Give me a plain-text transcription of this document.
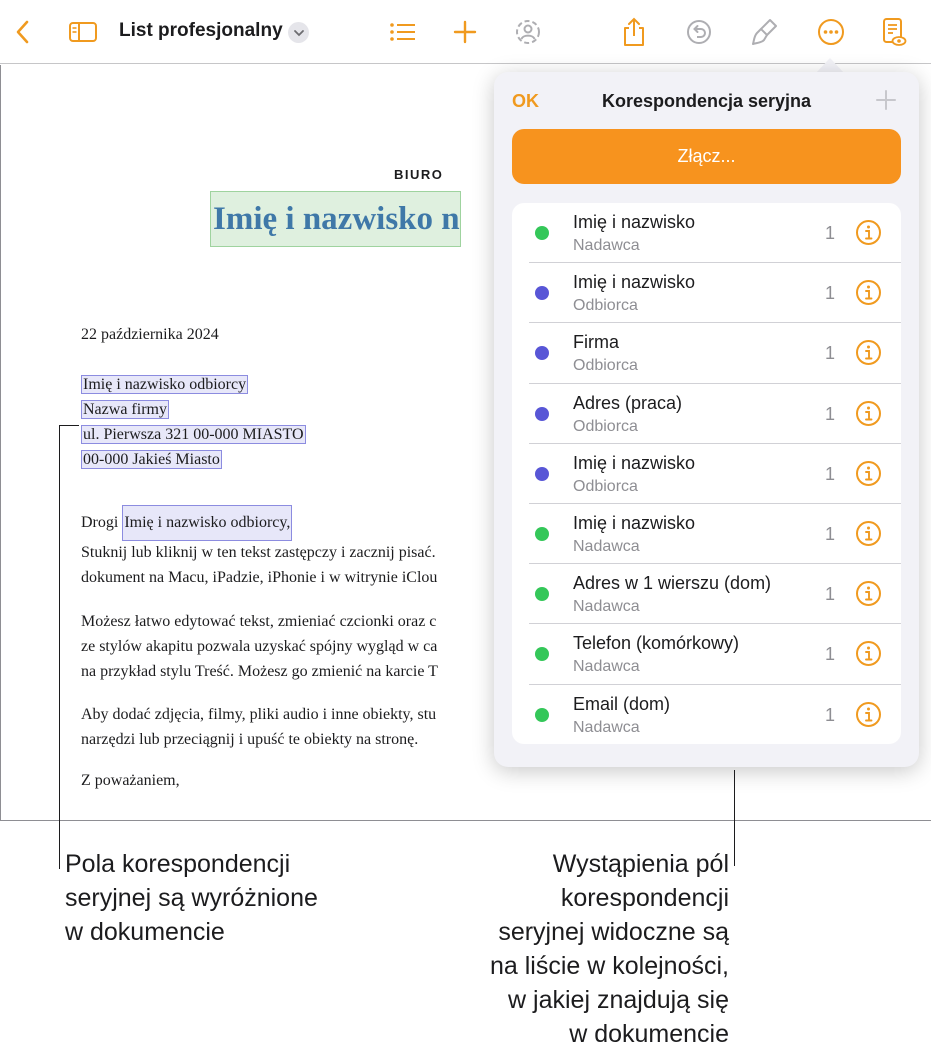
List profesjonalny
BIURO
Imię i nazwisko n
22 października 2024
Imię i nazwisko odbiorcy
Nazwa firmy
ul. Pierwsza 321 00-000 MIASTO
00-000 Jakieś Miasto
Drogi Imię i nazwisko odbiorcy,
Stuknij lub kliknij w ten tekst zastępczy i zacznij pisać.
dokument na Macu, iPadzie, iPhonie i w witrynie iClou
Możesz łatwo edytować tekst, zmieniać czcionki oraz c
ze stylów akapitu pozwala uzyskać spójny wygląd w ca
na przykład stylu Treść. Możesz go zmienić na karcie T
Aby dodać zdjęcia, filmy, pliki audio i inne obiekty, stu
narzędzi lub przeciągnij i upuść te obiekty na stronę.
Z poważaniem,
Korespondencja seryjna
OK
Złącz...
Imię i nazwisko
Nadawca
1
Imię i nazwisko
Odbiorca
1
Firma
Odbiorca
1
Adres (praca)
Odbiorca
1
Imię i nazwisko
Odbiorca
1
Imię i nazwisko
Nadawca
1
Adres w 1 wierszu (dom)
Nadawca
1
Telefon (komórkowy)
Nadawca
1
Email (dom)
Nadawca
1
Pola korespondencji
seryjnej są wyróżnione
w dokumencie
Wystąpienia pól
korespondencji
seryjnej widoczne są
na liście w kolejności,
w jakiej znajdują się
w dokumencie
